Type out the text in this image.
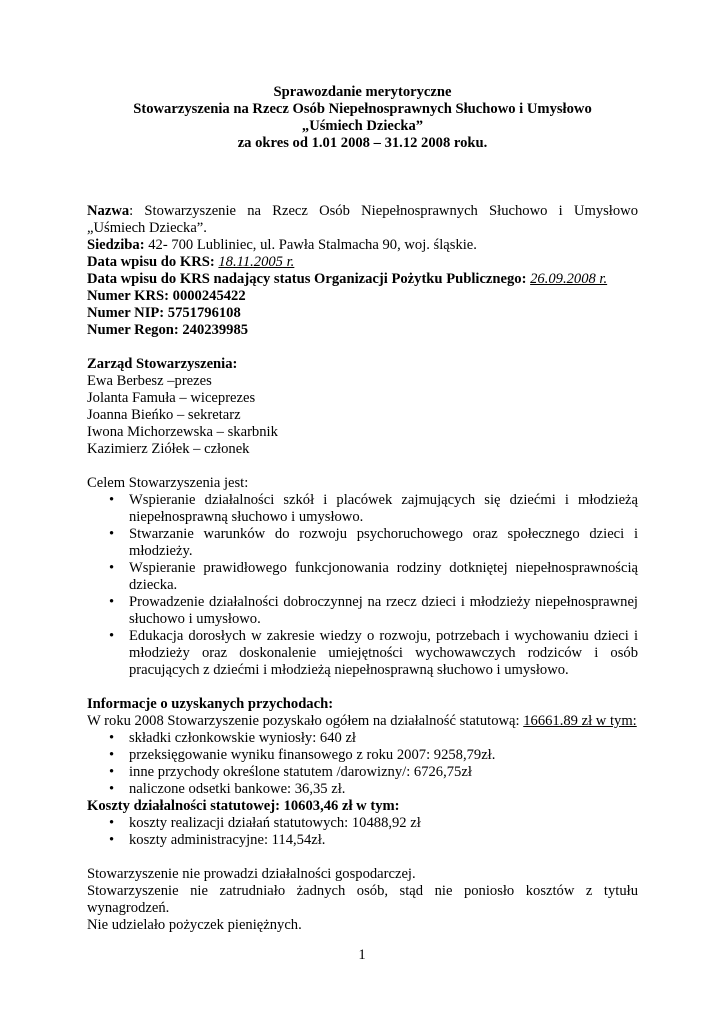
Sprawozdanie merytoryczne
Stowarzyszenia na Rzecz Osób Niepełnosprawnych Słuchowo i Umysłowo
„Uśmiech Dziecka”
za okres od 1.01 2008 – 31.12 2008 roku.
Nazwa: Stowarzyszenie na Rzecz Osób Niepełnosprawnych Słuchowo i Umysłowo „Uśmiech Dziecka”.
Siedziba: 42- 700 Lubliniec, ul. Pawła Stalmacha 90, woj. śląskie.
Data wpisu do KRS: 18.11.2005 r.
Data wpisu do KRS nadający status Organizacji Pożytku Publicznego: 26.09.2008 r.
Numer KRS: 0000245422
Numer NIP: 5751796108
Numer Regon: 240239985
Zarząd Stowarzyszenia:
Ewa Berbesz –prezes
Jolanta Famuła – wiceprezes
Joanna Bieńko – sekretarz
Iwona Michorzewska – skarbnik
Kazimierz Ziółek – członek
Celem Stowarzyszenia jest:
• Wspieranie działalności szkół i placówek zajmujących się dziećmi i młodzieżą niepełnosprawną słuchowo i umysłowo.
• Stwarzanie warunków do rozwoju psychoruchowego oraz społecznego dzieci i młodzieży.
• Wspieranie prawidłowego funkcjonowania rodziny dotkniętej niepełnosprawnością dziecka.
• Prowadzenie działalności dobroczynnej na rzecz dzieci i młodzieży niepełnosprawnej słuchowo i umysłowo.
• Edukacja dorosłych w zakresie wiedzy o rozwoju, potrzebach i wychowaniu dzieci i młodzieży oraz doskonalenie umiejętności wychowawczych rodziców i osób pracujących z dziećmi i młodzieżą niepełnosprawną słuchowo i umysłowo.
Informacje o uzyskanych przychodach:
W roku 2008 Stowarzyszenie pozyskało ogółem na działalność statutową: 16661.89 zł w tym:
• składki członkowskie wyniosły: 640 zł
• przeksięgowanie wyniku finansowego z roku 2007: 9258,79zł.
• inne przychody określone statutem /darowizny/: 6726,75zł
• naliczone odsetki bankowe: 36,35 zł.
Koszty działalności statutowej: 10603,46 zł w tym:
• koszty realizacji działań statutowych: 10488,92 zł
• koszty administracyjne: 114,54zł.
Stowarzyszenie nie prowadzi działalności gospodarczej.
Stowarzyszenie nie zatrudniało żadnych osób, stąd nie poniosło kosztów z tytułu wynagrodzeń.
Nie udzielało pożyczek pieniężnych.
1
